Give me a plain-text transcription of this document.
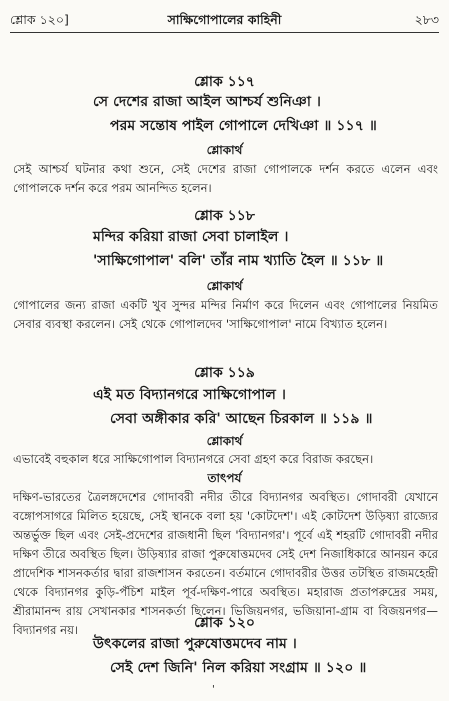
শ্লোক ১২০]	সাক্ষিগোপালের কাহিনী	২৮৩
শ্লোক ১১৭
সে দেশের রাজা আইল আশ্চর্য শুনিঞা ।
পরম সন্তোষ পাইল গোপালে দেখিঞা ॥ ১১৭ ॥
শ্লোকার্থ

সেই আশ্চর্য ঘটনার কথা শুনে, সেই দেশের রাজা গোপালকে দর্শন করতে এলেন এবং গোপালকে দর্শন করে পরম আনন্দিত হলেন।

শ্লোক ১১৮
মন্দির করিয়া রাজা সেবা চালাইল ।
'সাক্ষিগোপাল' বলি' তাঁর নাম খ্যাতি হৈল ॥ ১১৮ ॥
শ্লোকার্থ

গোপালের জন্য রাজা একটি খুব সুন্দর মন্দির নির্মাণ করে দিলেন এবং গোপালের নিয়মিত সেবার ব্যবস্থা করলেন। সেই থেকে গোপালদেব 'সাক্ষিগোপাল' নামে বিখ্যাত হলেন।

শ্লোক ১১৯
এই মত বিদ্যানগরে সাক্ষিগোপাল ।
সেবা অঙ্গীকার করি' আছেন চিরকাল ॥ ১১৯ ॥
শ্লোকার্থ

এভাবেই বহুকাল ধরে সাক্ষিগোপাল বিদ্যানগরে সেবা গ্রহণ করে বিরাজ করছেন।

তাৎপর্য

দক্ষিণ-ভারতের ত্রৈলঙ্গদেশের গোদাবরী নদীর তীরে বিদ্যানগর অবস্থিত। গোদাবরী যেখানে বঙ্গোপসাগরে মিলিত হয়েছে, সেই স্থানকে বলা হয় 'কোটদেশ'। এই কোটদেশ উড়িষ্যা রাজ্যের অন্তর্ভুক্ত ছিল এবং সেই-প্রদেশের রাজধানী ছিল 'বিদ্যানগর'। পূর্বে এই শহরটি গোদাবরী নদীর দক্ষিণ তীরে অবস্থিত ছিল। উড়িষ্যার রাজা পুরুষোত্তমদেব সেই দেশ নিজাধিকারে আনয়ন করে প্রাদেশিক শাসনকর্তার দ্বারা রাজশাসন করতেন। বর্তমানে গোদাবরীর উত্তর তটস্থিত রাজমহেন্দ্রী থেকে বিদ্যানগর কুড়ি-পঁচিশ মাইল পূর্ব-দক্ষিণ-পারে অবস্থিত। মহারাজ প্রতাপরুদ্রের সময়, শ্রীরামানন্দ রায় সেখানকার শাসনকর্তা ছিলেন। ভিজিয়নগর, ভজিয়ানা-গ্রাম বা বিজয়নগর—বিদ্যানগর নয়।	শ্লোক ১২০
উৎকলের রাজা পুরুষোত্তমদেব নাম ।
সেই দেশ জিনি' নিল করিয়া সংগ্রাম ॥ ১২০ ॥
'
